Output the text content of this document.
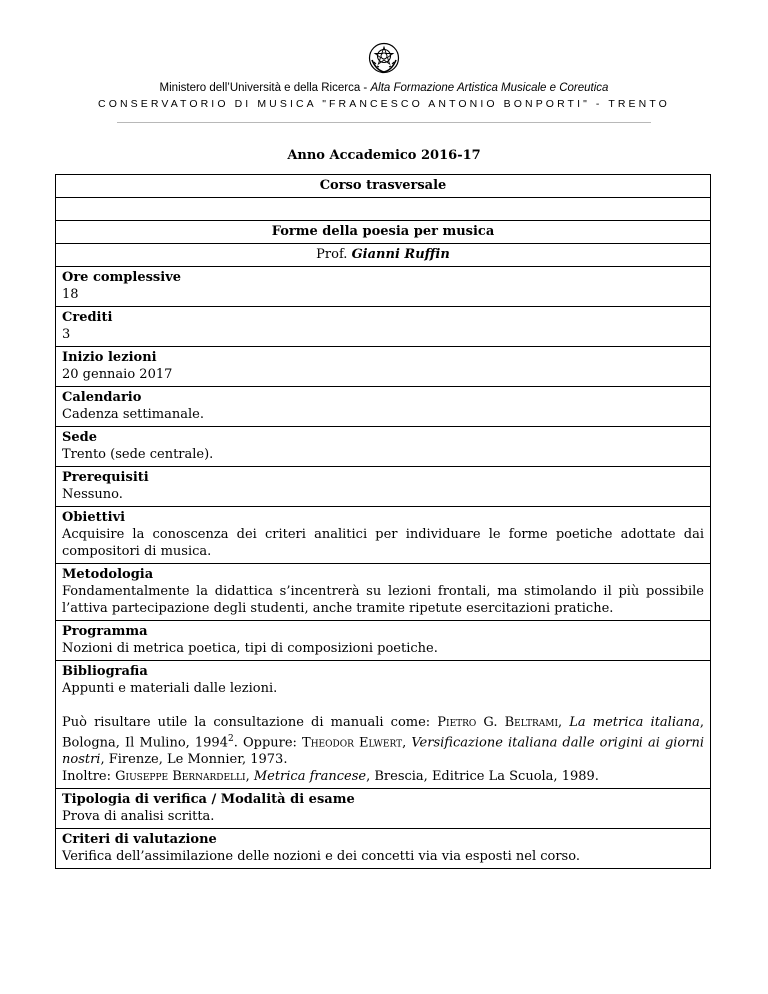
Ministero dell’Università e della Ricerca - Alta Formazione Artistica Musicale e Coreutica
CONSERVATORIO DI MUSICA "FRANCESCO ANTONIO BONPORTI" - TRENTO
Anno Accademico 2016-17
Corso trasversale

Forme della poesia per musica
Prof. Gianni Ruffin

Ore complessive

18

Crediti

3

Inizio lezioni

20 gennaio 2017

Calendario

Cadenza settimanale.

Sede

Trento (sede centrale).

Prerequisiti

Nessuno.

Obiettivi

Acquisire la conoscenza dei criteri analitici per individuare le forme poetiche adottate dai compositori di musica.

Metodologia

Fondamentalmente la didattica s’incentrerà su lezioni frontali, ma stimolando il più possibile l’attiva partecipazione degli studenti, anche tramite ripetute esercitazioni pratiche.

Programma

Nozioni di metrica poetica, tipi di composizioni poetiche.

Bibliografia

Appunti e materiali dalle lezioni.

Può risultare utile la consultazione di manuali come: Pietro G. Beltrami, La metrica italiana, Bologna, Il Mulino, 1994$^2$. Oppure: Theodor Elwert, Versificazione italiana dalle origini ai giorni nostri, Firenze, Le Monnier, 1973.

Inoltre: Giuseppe Bernardelli, Metrica francese, Brescia, Editrice La Scuola, 1989.

Tipologia di verifica / Modalità di esame

Prova di analisi scritta.

Criteri di valutazione

Verifica dell’assimilazione delle nozioni e dei concetti via via esposti nel corso.
